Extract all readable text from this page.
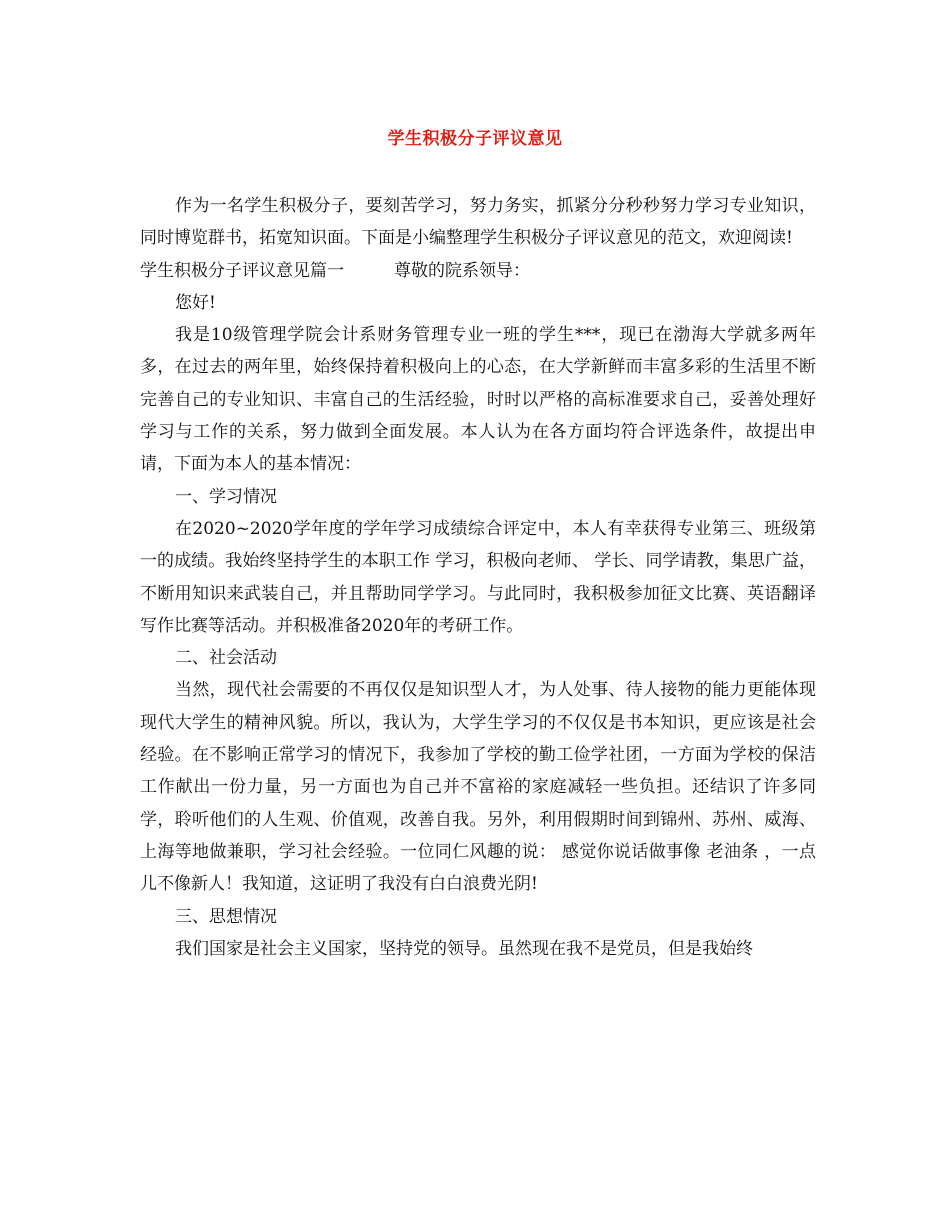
学生积极分子评议意见

作为一名学生积极分子，要刻苦学习，努力务实，抓紧分分秒秒努力学习专业知识，同时博览群书，拓宽知识面。下面是小编整理学生积极分子评议意见的范文，欢迎阅读!

学生积极分子评议意见篇一	尊敬的院系领导：

您好!

我是10级管理学院会计系财务管理专业一班的学生***，现已在渤海大学就多两年多，在过去的两年里，始终保持着积极向上的心态，在大学新鲜而丰富多彩的生活里不断完善自己的专业知识、丰富自己的生活经验，时时以严格的高标准要求自己，妥善处理好学习与工作的关系，努力做到全面发展。本人认为在各方面均符合评选条件，故提出申请，下面为本人的基本情况：

一、学习情况

在2020~2020学年度的学年学习成绩综合评定中，本人有幸获得专业第三、班级第一的成绩。我始终坚持学生的本职工作 学习，积极向老师、 学长、同学请教，集思广益，不断用知识来武装自己，并且帮助同学学习。与此同时，我积极参加征文比赛、英语翻译写作比赛等活动。并积极准备2020年的考研工作。

二、社会活动

当然，现代社会需要的不再仅仅是知识型人才，为人处事、待人接物的能力更能体现现代大学生的精神风貌。所以，我认为，大学生学习的不仅仅是书本知识，更应该是社会经验。在不影响正常学习的情况下，我参加了学校的勤工俭学社团，一方面为学校的保洁工作献出一份力量，另一方面也为自己并不富裕的家庭减轻一些负担。还结识了许多同学，聆听他们的人生观、价值观，改善自我。另外，利用假期时间到锦州、苏州、威海、上海等地做兼职，学习社会经验。一位同仁风趣的说： 感觉你说话做事像 老油条 ，一点儿不像新人！我知道，这证明了我没有白白浪费光阴!

三、思想情况

我们国家是社会主义国家，坚持党的领导。虽然现在我不是党员，但是我始终
